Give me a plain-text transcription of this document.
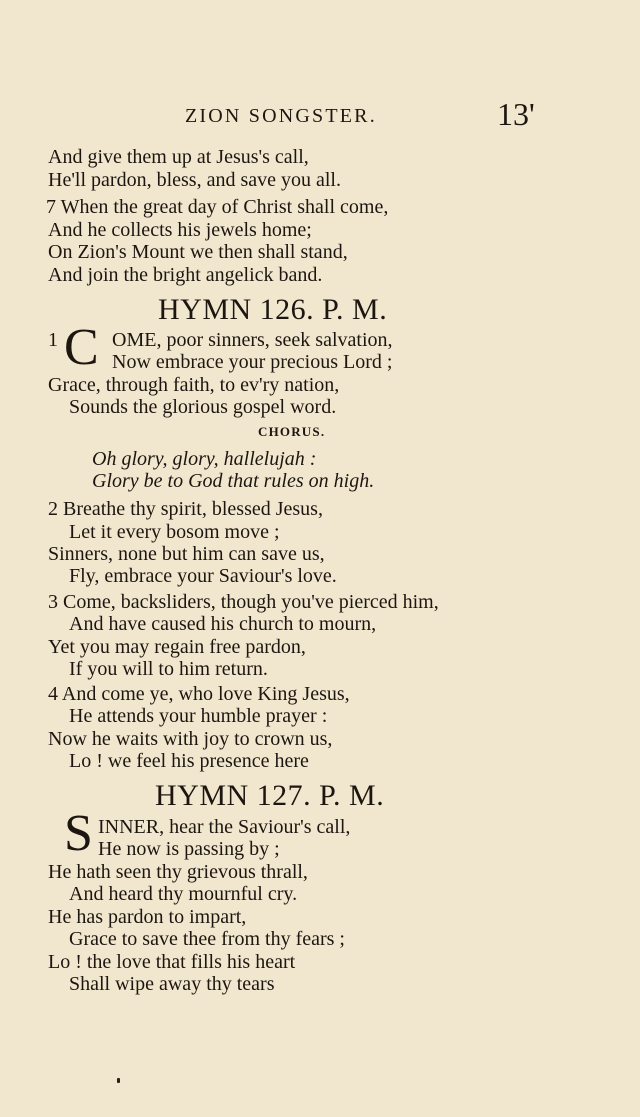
ZION SONGSTER.	13'
And give them up at Jesus's call,
He'll pardon, bless, and save you all.
7 When the great day of Christ shall come,
And he collects his jewels home;
On Zion's Mount we then shall stand,
And join the bright angelick band.
HYMN 126. P. M.
1 C OME, poor sinners, seek salvation,
Now embrace your precious Lord ;
Grace, through faith, to ev'ry nation,
Sounds the glorious gospel word.
CHORUS.
Oh glory, glory, hallelujah :
Glory be to God that rules on high.
2 Breathe thy spirit, blessed Jesus,
Let it every bosom move ;
Sinners, none but him can save us,
Fly, embrace your Saviour's love.
3 Come, backsliders, though you've pierced him,
And have caused his church to mourn,
Yet you may regain free pardon,
If you will to him return.
4 And come ye, who love King Jesus,
He attends your humble prayer :
Now he waits with joy to crown us,
Lo ! we feel his presence here
HYMN 127. P. M.
S INNER, hear the Saviour's call,
He now is passing by ;
He hath seen thy grievous thrall,
And heard thy mournful cry.
He has pardon to impart,
Grace to save thee from thy fears ;
Lo ! the love that fills his heart
Shall wipe away thy tears
